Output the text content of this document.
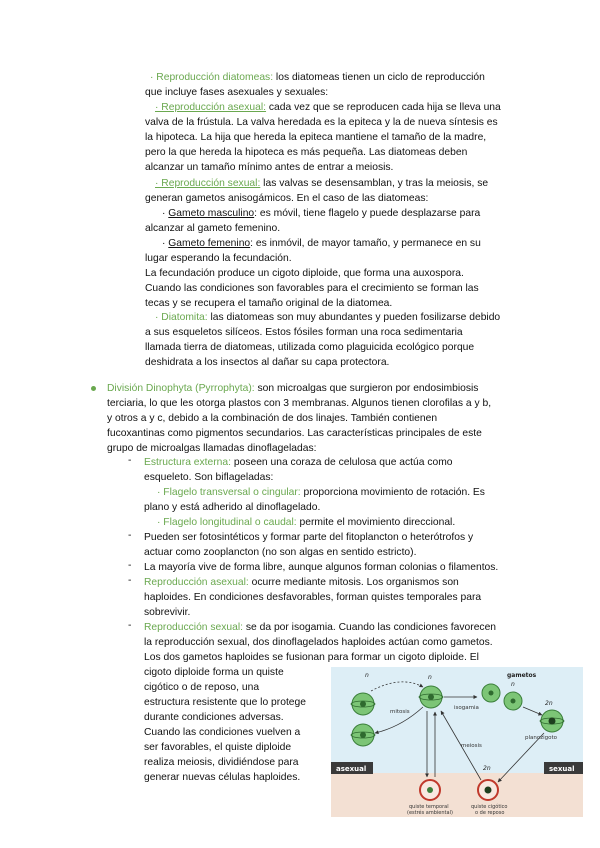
· Reproducción diatomeas: los diatomeas tienen un ciclo de reproducción

que incluye fases asexuales y sexuales:

· Reproducción asexual: cada vez que se reproducen cada hija se lleva una

valva de la frústula. La valva heredada es la epiteca y la de nueva síntesis es

la hipoteca. La hija que hereda la epiteca mantiene el tamaño de la madre,

pero la que hereda la hipoteca es más pequeña. Las diatomeas deben

alcanzar un tamaño mínimo antes de entrar a meiosis.

· Reproducción sexual: las valvas se desensamblan, y tras la meiosis, se

generan gametos anisogámicos. En el caso de las diatomeas:

· Gameto masculino: es móvil, tiene flagelo y puede desplazarse para

alcanzar al gameto femenino.

· Gameto femenino: es inmóvil, de mayor tamaño, y permanece en su

lugar esperando la fecundación.

La fecundación produce un cigoto diploide, que forma una auxospora.

Cuando las condiciones son favorables para el crecimiento se forman las

tecas y se recupera el tamaño original de la diatomea.

· Diatomita: las diatomeas son muy abundantes y pueden fosilizarse debido

a sus esqueletos silíceos. Estos fósiles forman una roca sedimentaria

llamada tierra de diatomeas, utilizada como plaguicida ecológico porque

deshidrata a los insectos al dañar su capa protectora.

División Dinophyta (Pyrrophyta): son microalgas que surgieron por endosimbiosis

terciaria, lo que les otorga plastos con 3 membranas. Algunos tienen clorofilas a y b,

y otros a y c, debido a la combinación de dos linajes. También contienen

fucoxantinas como pigmentos secundarios. Las características principales de este

grupo de microalgas llamadas dinoflageladas:

- Estructura externa: poseen una coraza de celulosa que actúa como

esqueleto. Son biflageladas:

· Flagelo transversal o cingular: proporciona movimiento de rotación. Es

plano y está adherido al dinoflagelado.

· Flagelo longitudinal o caudal: permite el movimiento direccional.

- Pueden ser fotosintéticos y formar parte del fitoplancton o heterótrofos y

actuar como zooplancton (no son algas en sentido estricto).

- La mayoría vive de forma libre, aunque algunos forman colonias o filamentos.

- Reproducción asexual: ocurre mediante mitosis. Los organismos son

haploides. En condiciones desfavorables, forman quistes temporales para

sobrevivir.

- Reproducción sexual: se da por isogamia. Cuando las condiciones favorecen

la reproducción sexual, dos dinoflagelados haploides actúan como gametos.

Los dos gametos haploides se fusionan para formar un cigoto diploide. El

cigoto diploide forma un quiste

cigótico o de reposo, una

estructura resistente que lo protege

durante condiciones adversas.

Cuando las condiciones vuelven a

ser favorables, el quiste diploide

realiza meiosis, dividiéndose para

generar nuevas células haploides.

n	n
mitosis
isogamia
gametos
n
2n
planozigoto
meiosis
2n
asexual	sexual
quiste temporal
(estrés ambiental)
quiste cigótico
o de reposo
